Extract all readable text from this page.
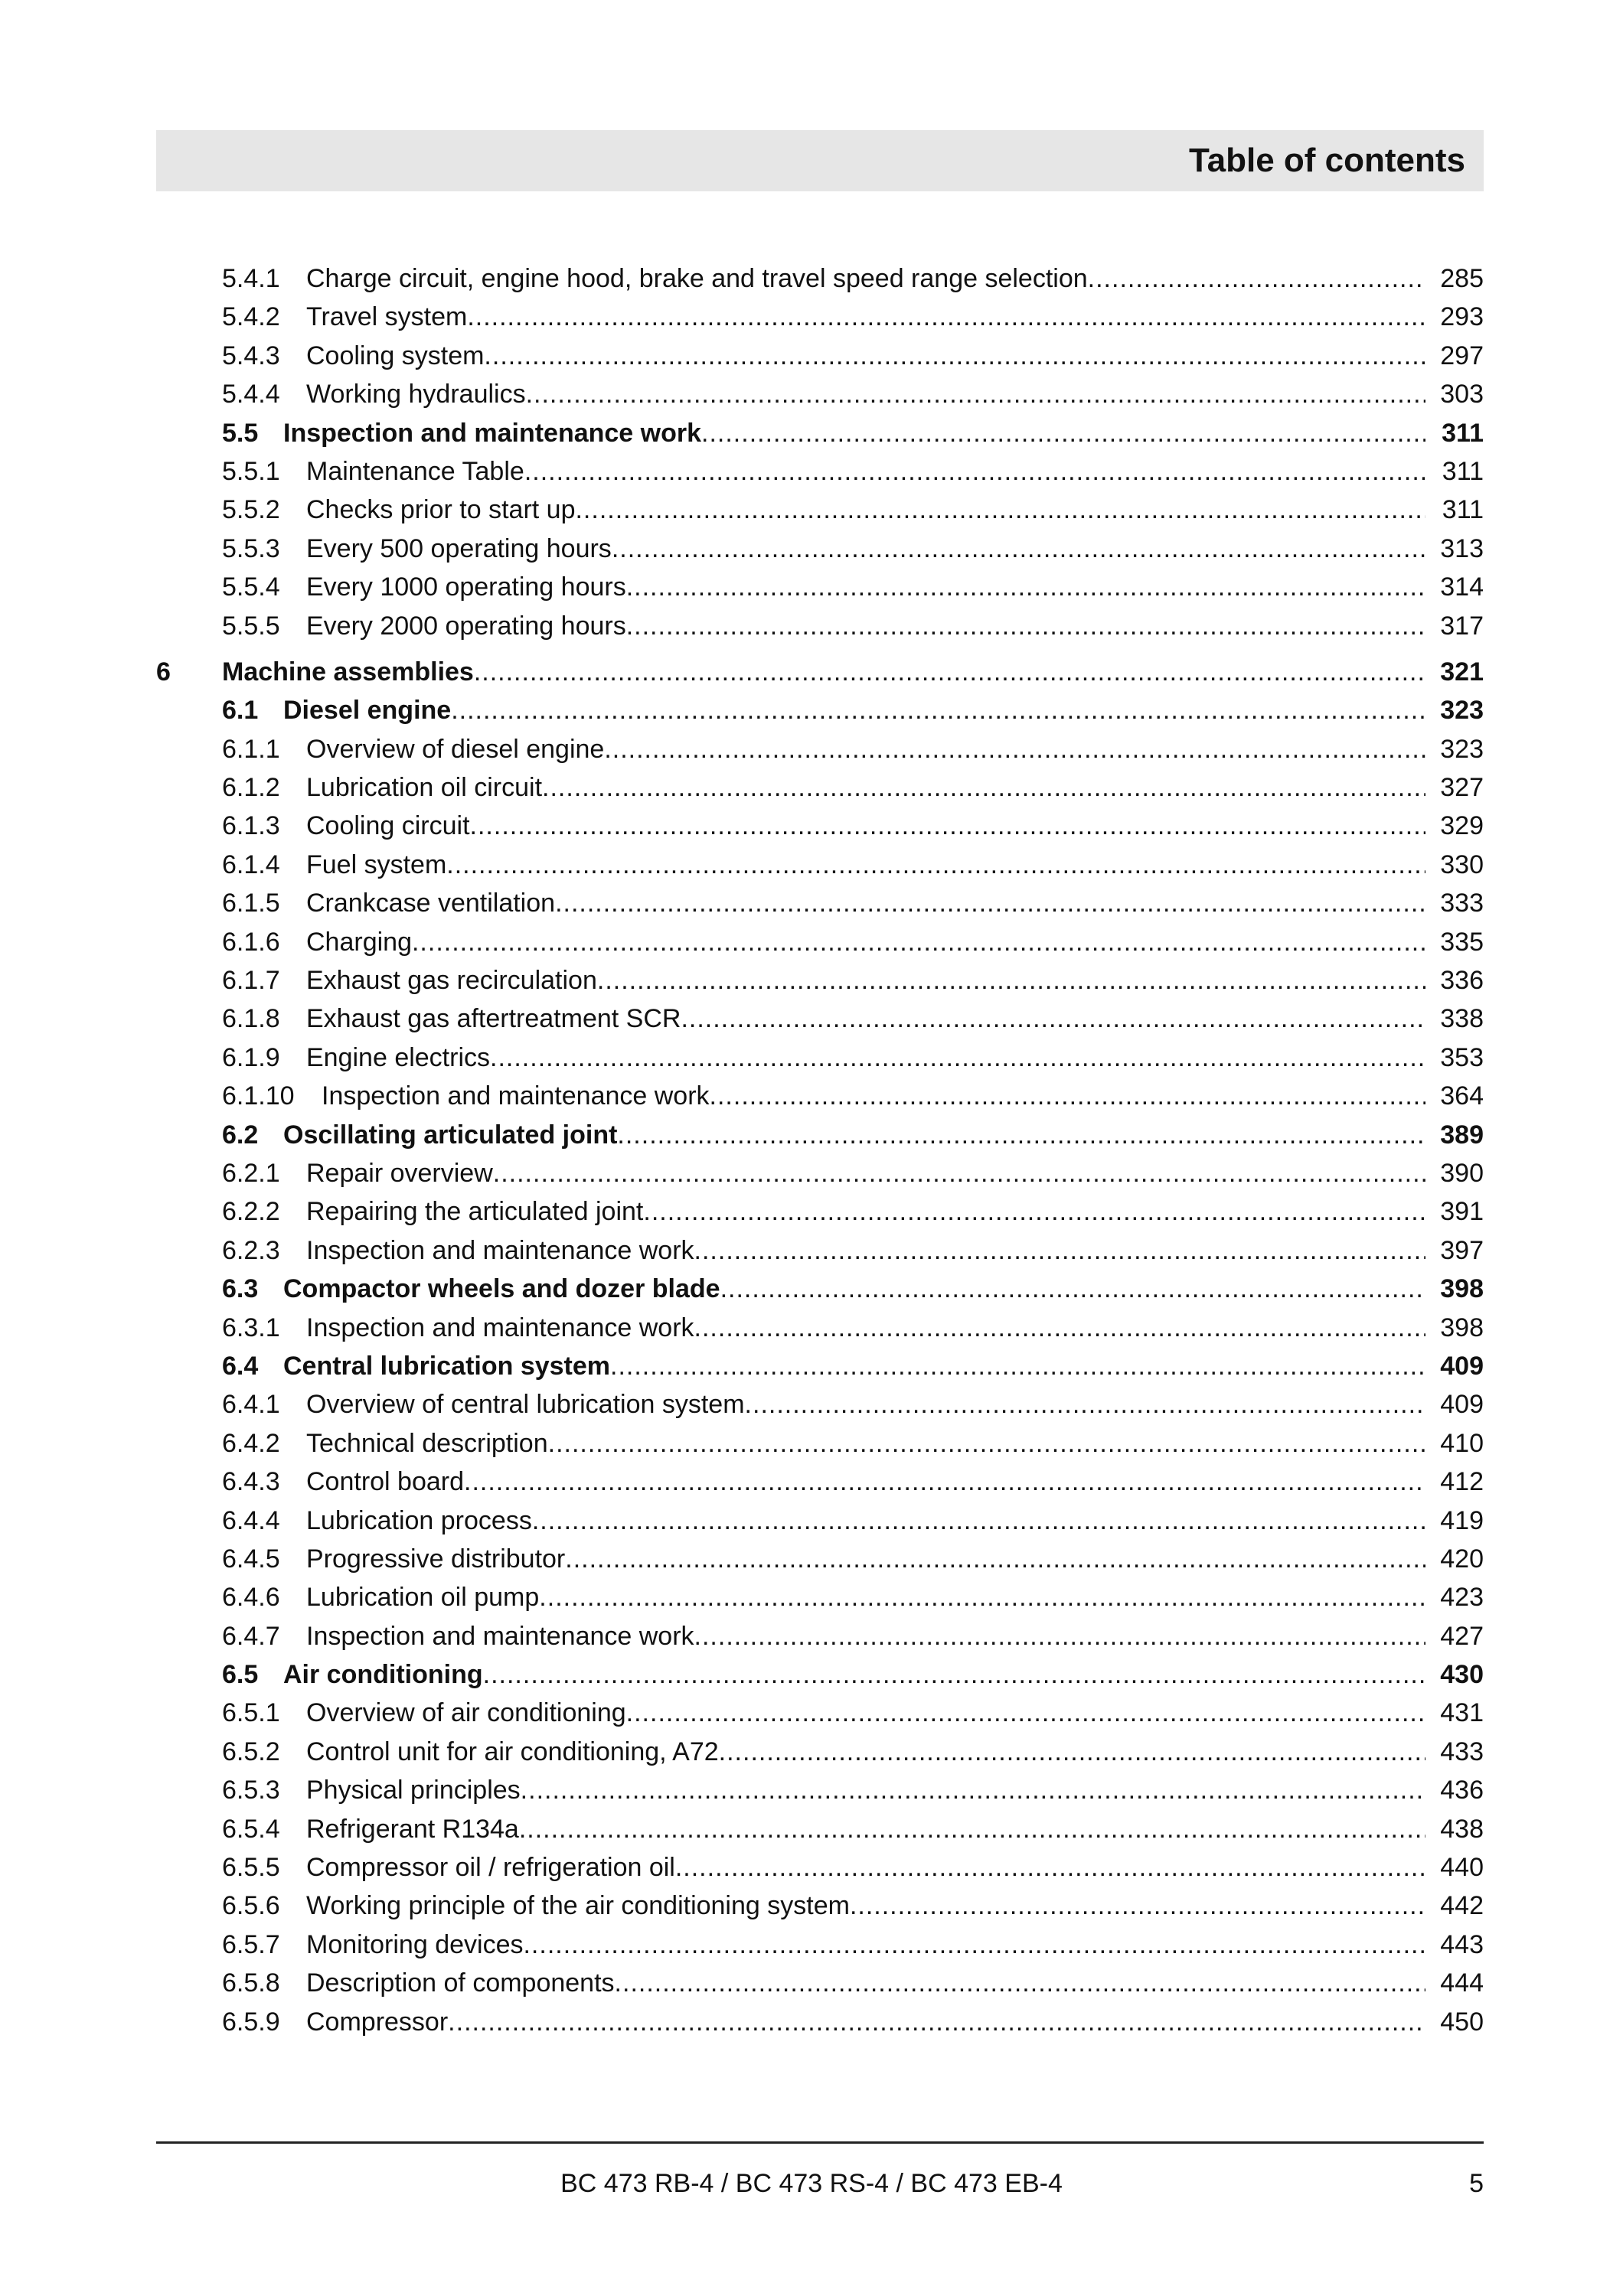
Table of contents
5.4.1 Charge circuit, engine hood, brake and travel speed range selection .....	285
5.4.2 Travel system .....	293
5.4.3 Cooling system .....	297
5.4.4 Working hydraulics .....	303
5.5 Inspection and maintenance work .....	311
5.5.1 Maintenance Table .....	311
5.5.2 Checks prior to start up .....	311
5.5.3 Every 500 operating hours .....	313
5.5.4 Every 1000 operating hours .....	314
5.5.5 Every 2000 operating hours .....	317
6 Machine assemblies .....	321
6.1 Diesel engine .....	323
6.1.1 Overview of diesel engine .....	323
6.1.2 Lubrication oil circuit .....	327
6.1.3 Cooling circuit .....	329
6.1.4 Fuel system .....	330
6.1.5 Crankcase ventilation .....	333
6.1.6 Charging .....	335
6.1.7 Exhaust gas recirculation .....	336
6.1.8 Exhaust gas aftertreatment SCR .....	338
6.1.9 Engine electrics .....	353
6.1.10 Inspection and maintenance work .....	364
6.2 Oscillating articulated joint .....	389
6.2.1 Repair overview .....	390
6.2.2 Repairing the articulated joint .....	391
6.2.3 Inspection and maintenance work .....	397
6.3 Compactor wheels and dozer blade .....	398
6.3.1 Inspection and maintenance work .....	398
6.4 Central lubrication system .....	409
6.4.1 Overview of central lubrication system .....	409
6.4.2 Technical description .....	410
6.4.3 Control board .....	412
6.4.4 Lubrication process .....	419
6.4.5 Progressive distributor .....	420
6.4.6 Lubrication oil pump .....	423
6.4.7 Inspection and maintenance work .....	427
6.5 Air conditioning .....	430
6.5.1 Overview of air conditioning .....	431
6.5.2 Control unit for air conditioning, A72 .....	433
6.5.3 Physical principles .....	436
6.5.4 Refrigerant R134a .....	438
6.5.5 Compressor oil / refrigeration oil .....	440
6.5.6 Working principle of the air conditioning system .....	442
6.5.7 Monitoring devices .....	443
6.5.8 Description of components .....	444
6.5.9 Compressor .....	450
BC 473 RB-4 / BC 473 RS-4 / BC 473 EB-4	5
